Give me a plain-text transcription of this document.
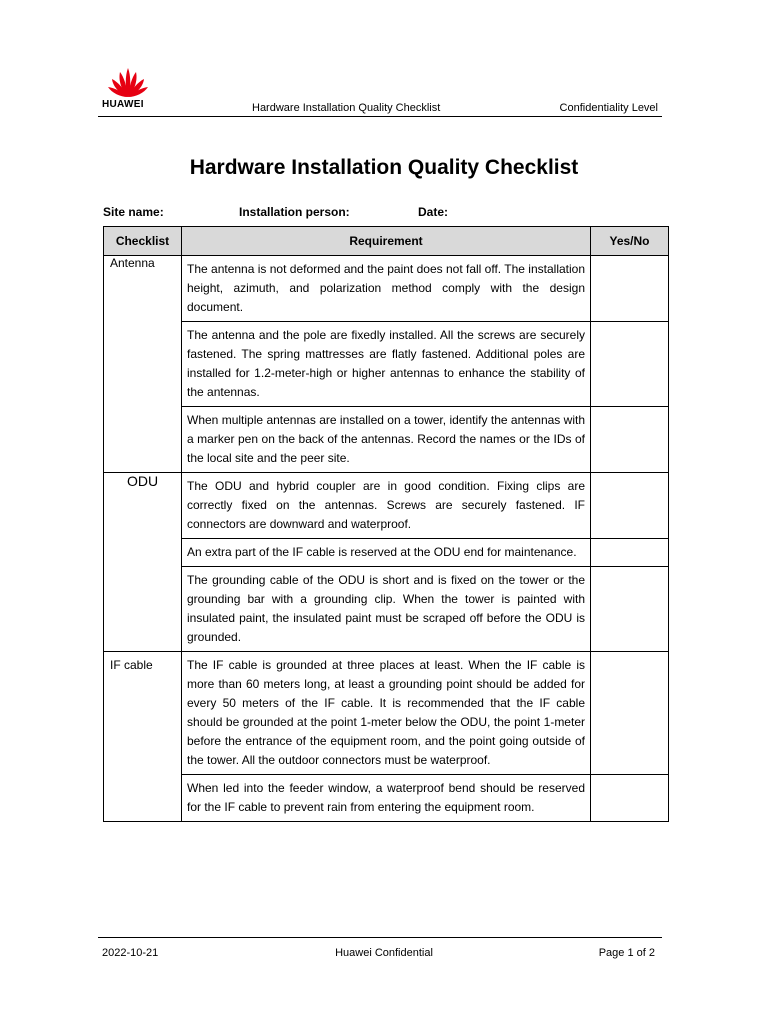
HUAWEI	Hardware Installation Quality Checklist	Confidentiality Level
Hardware Installation Quality Checklist
Site name:	Installation person:	Date:
Checklist	Requirement	Yes/No
Antenna	The antenna is not deformed and the paint does not fall off. The installation height, azimuth, and polarization method comply with the design document.	
	The antenna and the pole are fixedly installed. All the screws are securely fastened. The spring mattresses are flatly fastened. Additional poles are installed for 1.2-meter-high or higher antennas to enhance the stability of the antennas.	
	When multiple antennas are installed on a tower, identify the antennas with a marker pen on the back of the antennas. Record the names or the IDs of the local site and the peer site.	

ODU	The ODU and hybrid coupler are in good condition. Fixing clips are correctly fixed on the antennas. Screws are securely fastened. IF connectors are downward and waterproof.	
	An extra part of the IF cable is reserved at the ODU end for maintenance.	
	The grounding cable of the ODU is short and is fixed on the tower or the grounding bar with a grounding clip. When the tower is painted with insulated paint, the insulated paint must be scraped off before the ODU is grounded.	
IF cable	The IF cable is grounded at three places at least. When the IF cable is more than 60 meters long, at least a grounding point should be added for every 50 meters of the IF cable. It is recommended that the IF cable should be grounded at the point 1-meter below the ODU, the point 1-meter before the entrance of the equipment room, and the point going outside of the tower. All the outdoor connectors must be waterproof.	
	When led into the feeder window, a waterproof bend should be reserved for the IF cable to prevent rain from entering the equipment room.	
2022-10-21	Huawei Confidential	Page 1 of 2
